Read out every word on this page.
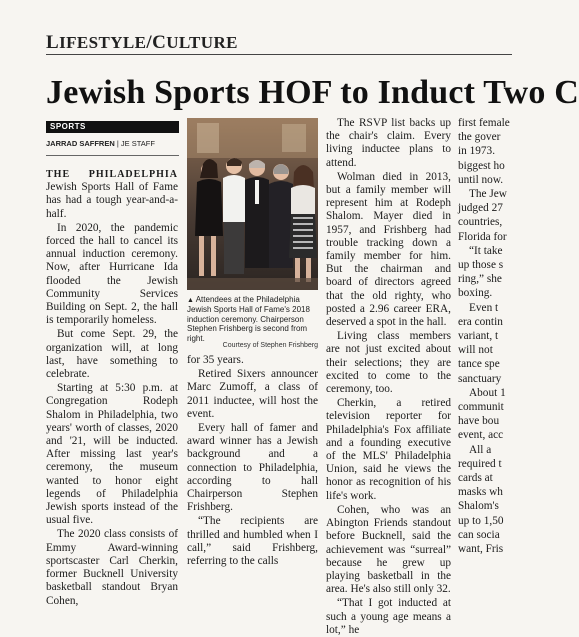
LIFESTYLE/CULTURE
Jewish Sports HOF to Induct Two C
SPORTS
JARRAD SAFFREN | JE STAFF

THE PHILADELPHIA Jewish Sports Hall of Fame has had a tough year-and-a-half.

In 2020, the pandemic forced the hall to cancel its annual induction ceremony. Now, after Hurricane Ida flooded the Jewish Community Services Building on Sept. 2, the hall is temporarily homeless.

But come Sept. 29, the organization will, at long last, have something to celebrate.

Starting at 5:30 p.m. at Congregation Rodeph Shalom in Philadelphia, two years' worth of classes, 2020 and '21, will be inducted. After missing last year's ceremony, the museum wanted to honor eight legends of Philadelphia Jewish sports instead of the usual five.

The 2020 class consists of Emmy Award-winning sportscaster Carl Cherkin, former Bucknell University basketball standout Bryan Cohen,

▲ Attendees at the Philadelphia Jewish Sports Hall of Fame's 2018 induction ceremony. Chairperson Stephen Frishberg is second from right.
Courtesy of Stephen Frishberg

for 35 years.

Retired Sixers announcer Marc Zumoff, a class of 2011 inductee, will host the event.

Every hall of famer and award winner has a Jewish background and a connection to Philadelphia, according to hall Chairperson Stephen Frishberg.

“The recipients are thrilled and humbled when I call,” said Frishberg, referring to the calls

The RSVP list backs up the chair's claim. Every living inductee plans to attend.

Wolman died in 2013, but a family member will represent him at Rodeph Shalom. Mayer died in 1957, and Frishberg had trouble tracking down a family member for him. But the chairman and board of directors agreed that the old righty, who posted a 2.96 career ERA, deserved a spot in the hall.

Living class members are not just excited about their selections; they are excited to come to the ceremony, too.

Cherkin, a retired television reporter for Philadelphia's Fox affiliate and a founding executive of the MLS' Philadelphia Union, said he views the honor as recognition of his life's work.

Cohen, who was an Abington Friends standout before Bucknell, said the achievement was “surreal” because he grew up playing basketball in the area. He's also still only 32.

“That I got inducted at such a young age means a lot,” he

first female

the gover

in 1973.

biggest ho

until now.

The Jew

judged 27

countries,

Florida for

“It take

up those s

ring,” she

boxing.

Even t

era contin

variant, t

will not

tance spe

sanctuary

About 1

communit

have bou

event, acc

All a

required t

cards at

masks wh

Shalom's

up to 1,50

can socia

want, Fris
